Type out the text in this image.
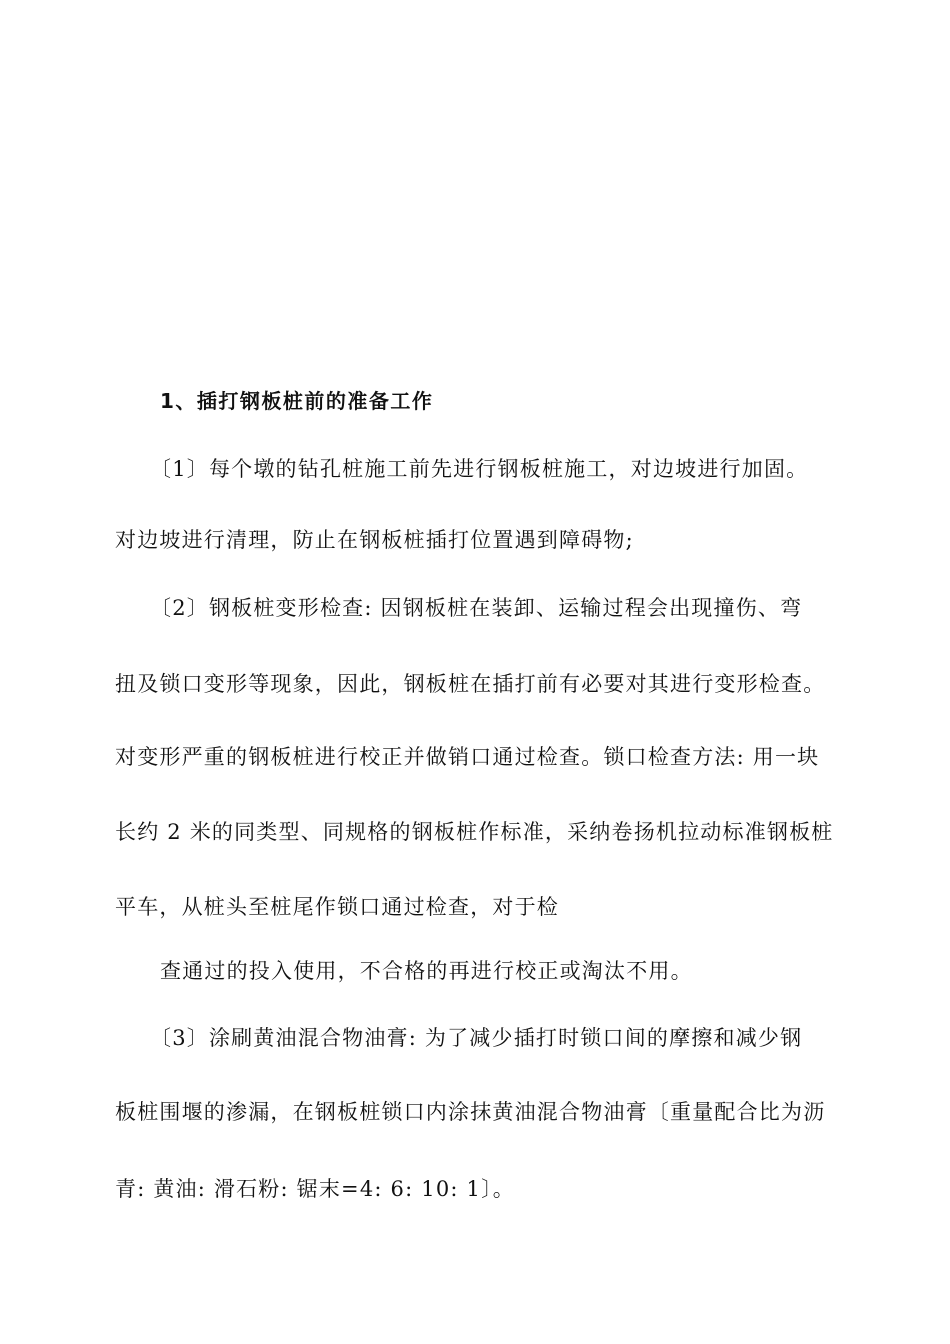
1、插打钢板桩前的准备工作
〔1〕每个墩的钻孔桩施工前先进行钢板桩施工，对边坡进行加固。
对边坡进行清理，防止在钢板桩插打位置遇到障碍物;
〔2〕钢板桩变形检查: 因钢板桩在装卸、运输过程会出现撞伤、弯
扭及锁口变形等现象，因此，钢板桩在插打前有必要对其进行变形检查。
对变形严重的钢板桩进行校正并做销口通过检查。锁口检查方法: 用一块
长约 2 米的同类型、同规格的钢板桩作标准，采纳卷扬机拉动标准钢板桩
平车，从桩头至桩尾作锁口通过检查，对于检
查通过的投入使用，不合格的再进行校正或淘汰不用。
〔3〕涂刷黄油混合物油膏: 为了减少插打时锁口间的摩擦和减少钢
板桩围堰的渗漏，在钢板桩锁口内涂抹黄油混合物油膏〔重量配合比为沥
青: 黄油: 滑石粉: 锯末=4: 6: 10: 1〕。
